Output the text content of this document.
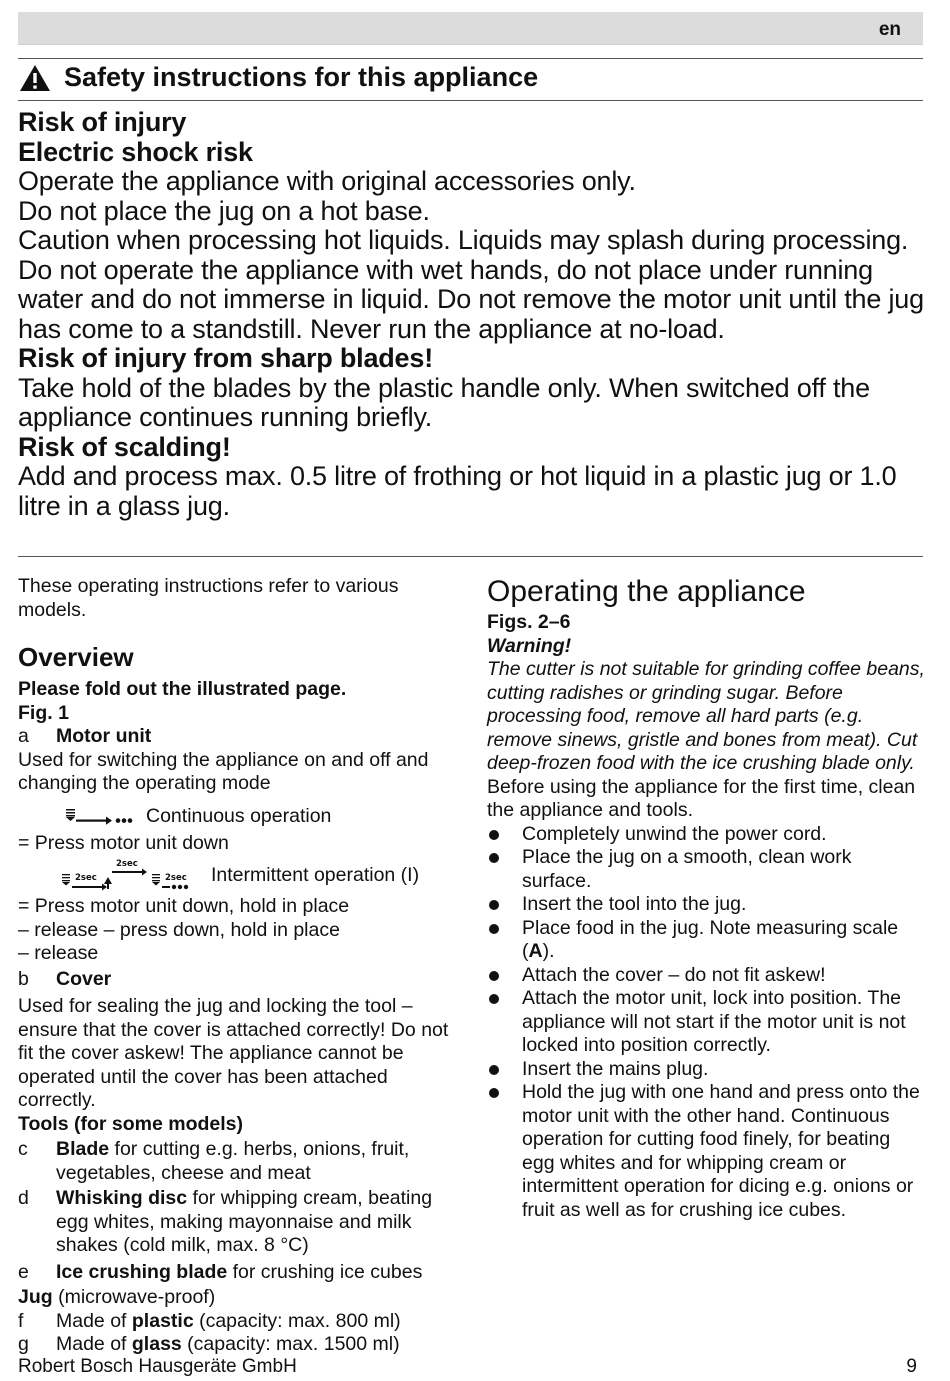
en
Safety instructions for this appliance

Risk of injury

Electric shock risk

Operate the appliance with original accessories only.

Do not place the jug on a hot base.

Caution when processing hot liquids. Liquids may splash during processing. Do not operate the appliance with wet hands, do not place under running water and do not immerse in liquid. Do not remove the motor unit until the jug has come to a standstill. Never run the appliance at no-load.

Risk of injury from sharp blades!

Take hold of the blades by the plastic handle only. When switched off the appliance continues running briefly.

Risk of scalding!

Add and process max. 0.5 litre of frothing or hot liquid in a plastic jug or 1.0 litre in a glass jug.

These operating instructions refer to various models.

Overview

Please fold out the illustrated page.

Fig. 1

a	Motor unit

Used for switching the appliance on and off and changing the operating mode

Continuous operation

= Press motor unit down

2sec
2sec
2sec Intermittent operation (I)

= Press motor unit down, hold in place

– release – press down, hold in place

– release

b	Cover

Used for sealing the jug and locking the tool – ensure that the cover is attached correctly! Do not fit the cover askew! The appliance cannot be operated until the cover has been attached correctly.

Tools (for some models)

c	Blade for cutting e.g. herbs, onions, fruit, vegetables, cheese and meat
d	Whisking disc for whipping cream, beating egg whites, making mayonnaise and milk shakes (cold milk, max. 8 °C)
e	Ice crushing blade for crushing ice cubes

Jug (microwave-proof)

f	Made of plastic (capacity: max. 800 ml)
g	Made of glass (capacity: max. 1500 ml)

Operating the appliance

Figs. 2–6

Warning!

The cutter is not suitable for grinding coffee beans, cutting radishes or grinding sugar. Before processing food, remove all hard parts (e.g. remove sinews, gristle and bones from meat). Cut deep-frozen food with the ice crushing blade only.

Before using the appliance for the first time, clean the appliance and tools.

Completely unwind the power cord.
Place the jug on a smooth, clean work surface.
Insert the tool into the jug.
Place food in the jug. Note measuring scale (A).
Attach the cover – do not fit askew!
Attach the motor unit, lock into position. The appliance will not start if the motor unit is not locked into position correctly.
Insert the mains plug.
Hold the jug with one hand and press onto the motor unit with the other hand. Continuous operation for cutting food finely, for beating egg whites and for whipping cream or intermittent operation for dicing e.g. onions or fruit as well as for crushing ice cubes.
Robert Bosch Hausgeräte GmbH	9
